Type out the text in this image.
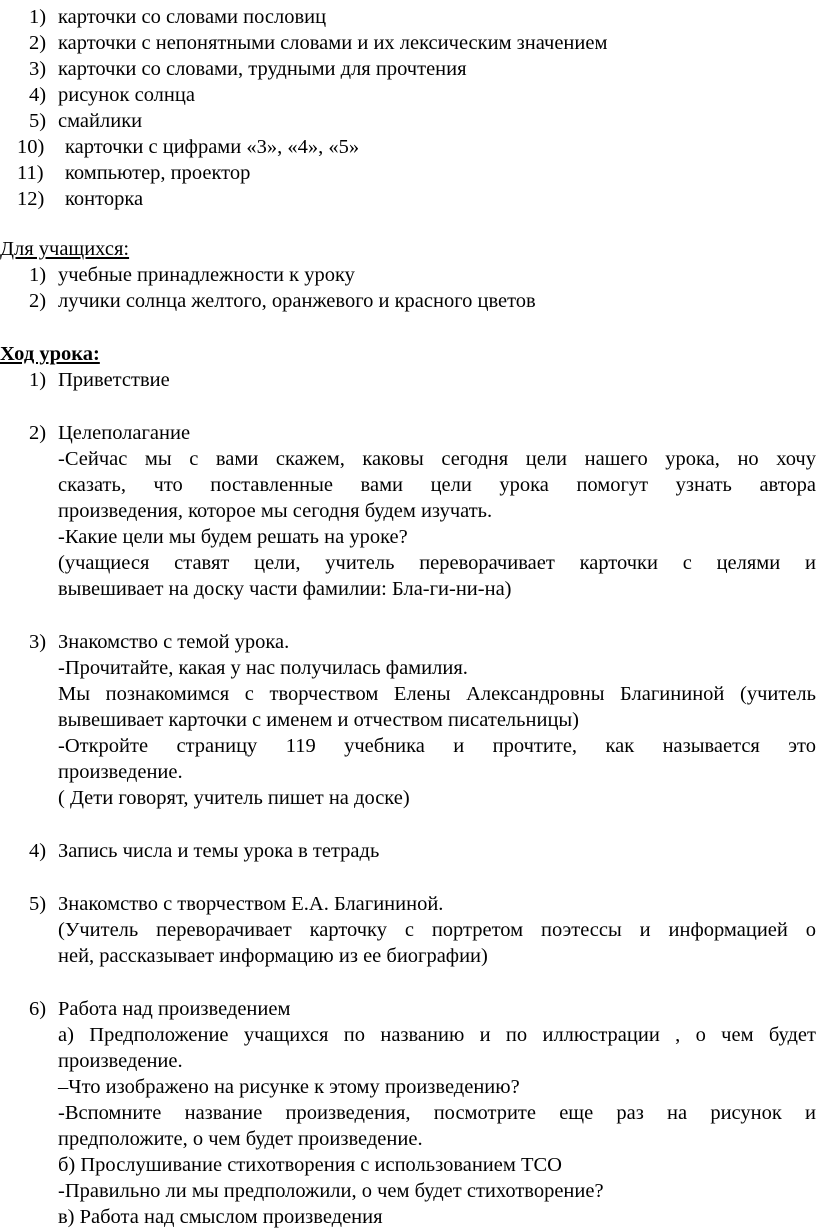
1) карточки со словами пословиц
2) карточки с непонятными словами и их лексическим значением
3) карточки со словами, трудными для прочтения
4) рисунок солнца
5) смайлики
10) карточки с цифрами «3», «4», «5»
11) компьютер, проектор
12) конторка
Для учащихся:
1) учебные принадлежности к уроку
2) лучики солнца желтого, оранжевого и красного цветов
Ход урока:
1) Приветствие
2) Целеполагание
-Сейчас мы с вами скажем, каковы сегодня цели нашего урока, но хочу
сказать, что поставленные вами цели урока помогут узнать автора
произведения, которое мы сегодня будем изучать.
-Какие цели мы будем решать на уроке?
(учащиеся ставят цели, учитель переворачивает карточки с целями и
вывешивает на доску части фамилии: Бла-ги-ни-на)
3) Знакомство с темой урока.
-Прочитайте, какая у нас получилась фамилия.
Мы познакомимся с творчеством Елены Александровны Благининой (учитель
вывешивает карточки с именем и отчеством писательницы)
-Откройте страницу 119 учебника и прочтите, как называется это
произведение.
( Дети говорят, учитель пишет на доске)
4) Запись числа и темы урока в тетрадь
5) Знакомство с творчеством Е.А. Благининой.
(Учитель переворачивает карточку с портретом поэтессы и информацией о
ней, рассказывает информацию из ее биографии)
6) Работа над произведением
а) Предположение учащихся по названию и по иллюстрации , о чем будет
произведение.
–Что изображено на рисунке к этому произведению?
-Вспомните название произведения, посмотрите еще раз на рисунок и
предположите, о чем будет произведение.
б) Прослушивание стихотворения с использованием ТСО
-Правильно ли мы предположили, о чем будет стихотворение?
в) Работа над смыслом произведения
